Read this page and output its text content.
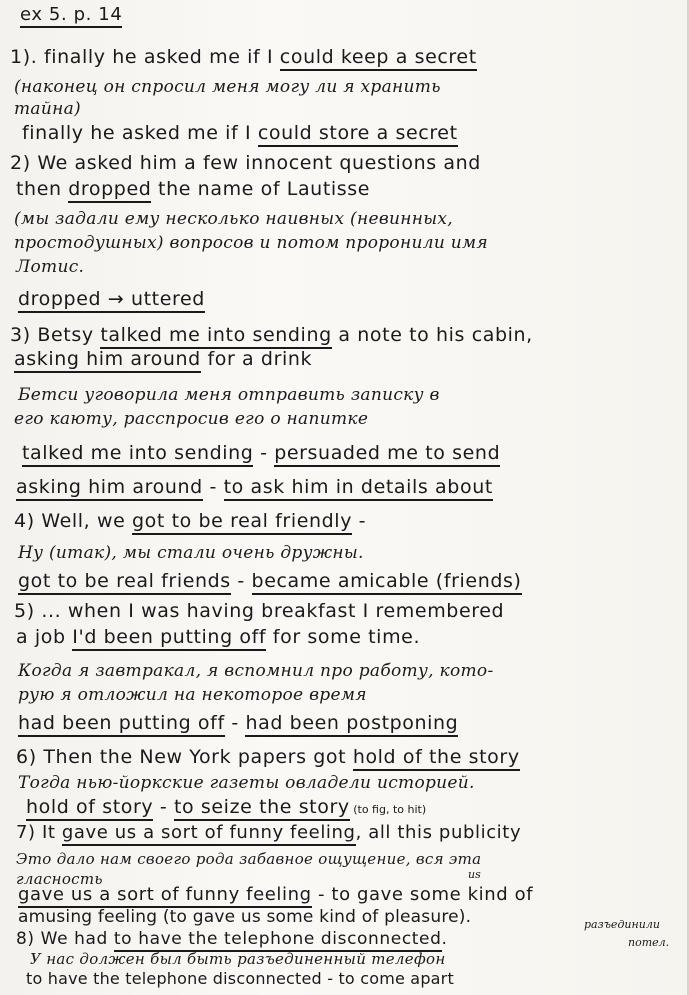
ex 5. p. 14
1). finally he asked me if I could keep a secret
(наконец он спросил меня могу ли я хранить
тайна)
finally he asked me if I could store a secret
2) We asked him a few innocent questions and
then dropped the name of Lautisse
(мы задали ему несколько наивных (невинных,
простодушных) вопросов и потом проронили имя
Лотис.
dropped → uttered
3) Betsy talked me into sending a note to his cabin,
asking him around for a drink
Бетси уговорила меня отправить записку в
его каюту, расспросив его о напитке
talked me into sending - persuaded me to send
asking him around - to ask him in details about
4) Well, we got to be real friendly -
Ну (итак), мы стали очень дружны.
got to be real friends - became amicable (friends)
5) ... when I was having breakfast I remembered
a job I'd been putting off for some time.
Когда я завтракал, я вспомнил про работу, кото-
рую я отложил на некоторое время
had been putting off - had been postponing
6) Then the New York papers got hold of the story
Тогда нью-йоркские газеты овладели историей.
hold of story - to seize the story (to fig, to hit)
7) It gave us a sort of funny feeling, all this publicity
Это дало нам своего рода забавное ощущение, вся эта
гласность	us
gave us a sort of funny feeling - to gave some kind of
amusing feeling (to gave us some kind of pleasure).
8) We had to have the telephone disconnected.
разъединили
потел.
У нас должен был быть разъединенный телефон
to have the telephone disconnected - to come apart
